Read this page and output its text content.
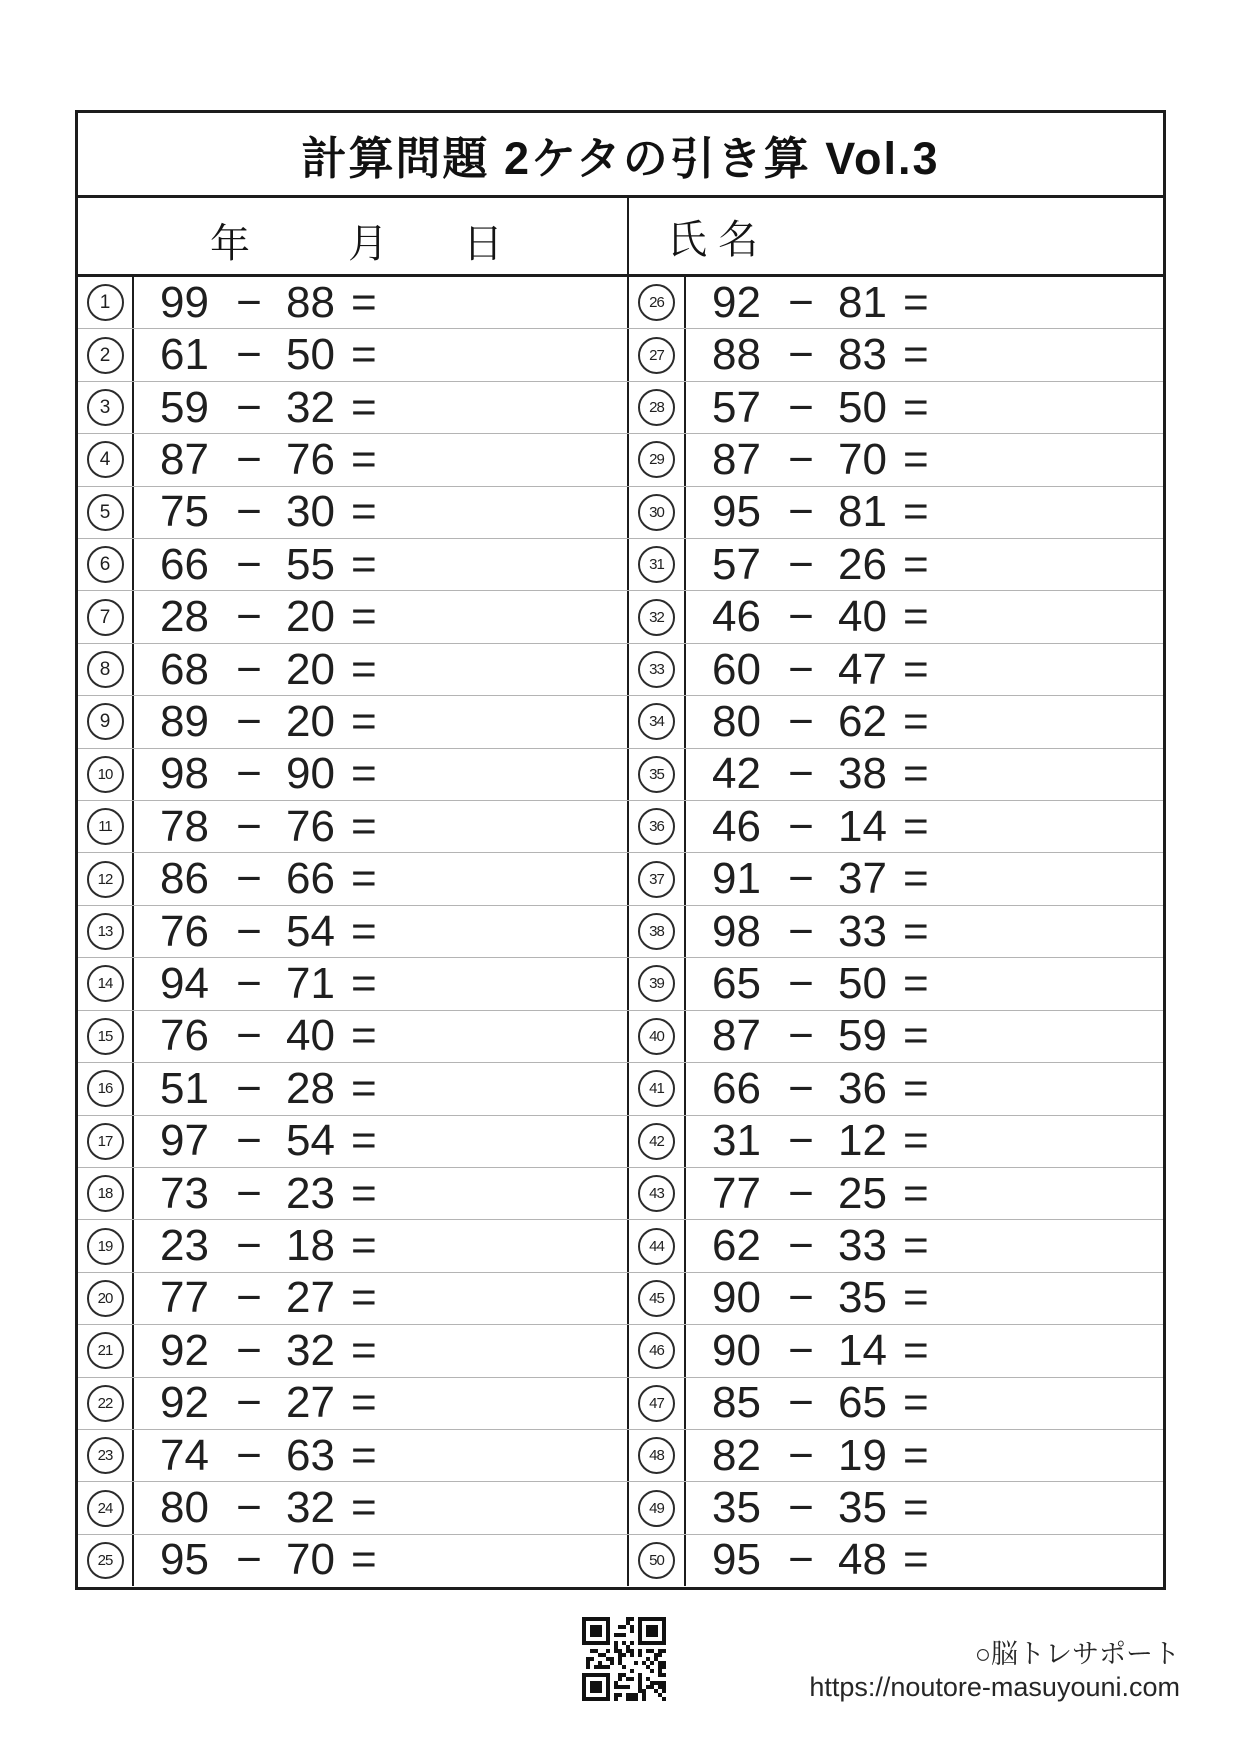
計算問題 2ケタの引き算 Vol.3
年 月 日	氏 名
1	99 − 88 =	26 92 − 81 =
2	61 − 50 =	27 88 − 83 =
3	59 − 32 =	28 57 − 50 =
4	87 − 76 =	29 87 − 70 =
5	75 − 30 =	30 95 − 81 =
6	66 − 55 =	31 57 − 26 =
7	28 − 20 =	32 46 − 40 =
8	68 − 20 =	33 60 − 47 =
9	89 − 20 =	34 80 − 62 =
10 98 − 90 =	35 42 − 38 =
11 78 − 76 =	36 46 − 14 =
12 86 − 66 =	37 91 − 37 =
13 76 − 54 =	38 98 − 33 =
14 94 − 71 =	39 65 − 50 =
15 76 − 40 =	40 87 − 59 =
16 51 − 28 =	41 66 − 36 =
17 97 − 54 =	42 31 − 12 =
18 73 − 23 =	43 77 − 25 =
19 23 − 18 =	44 62 − 33 =
20 77 − 27 =	45 90 − 35 =
21 92 − 32 =	46 90 − 14 =
22 92 − 27 =	47 85 − 65 =
23 74 − 63 =	48 82 − 19 =
24 80 − 32 =	49 35 − 35 =
25 95 − 70 =	50 95 − 48 =
○脳トレサポート
https://noutore-masuyouni.com
